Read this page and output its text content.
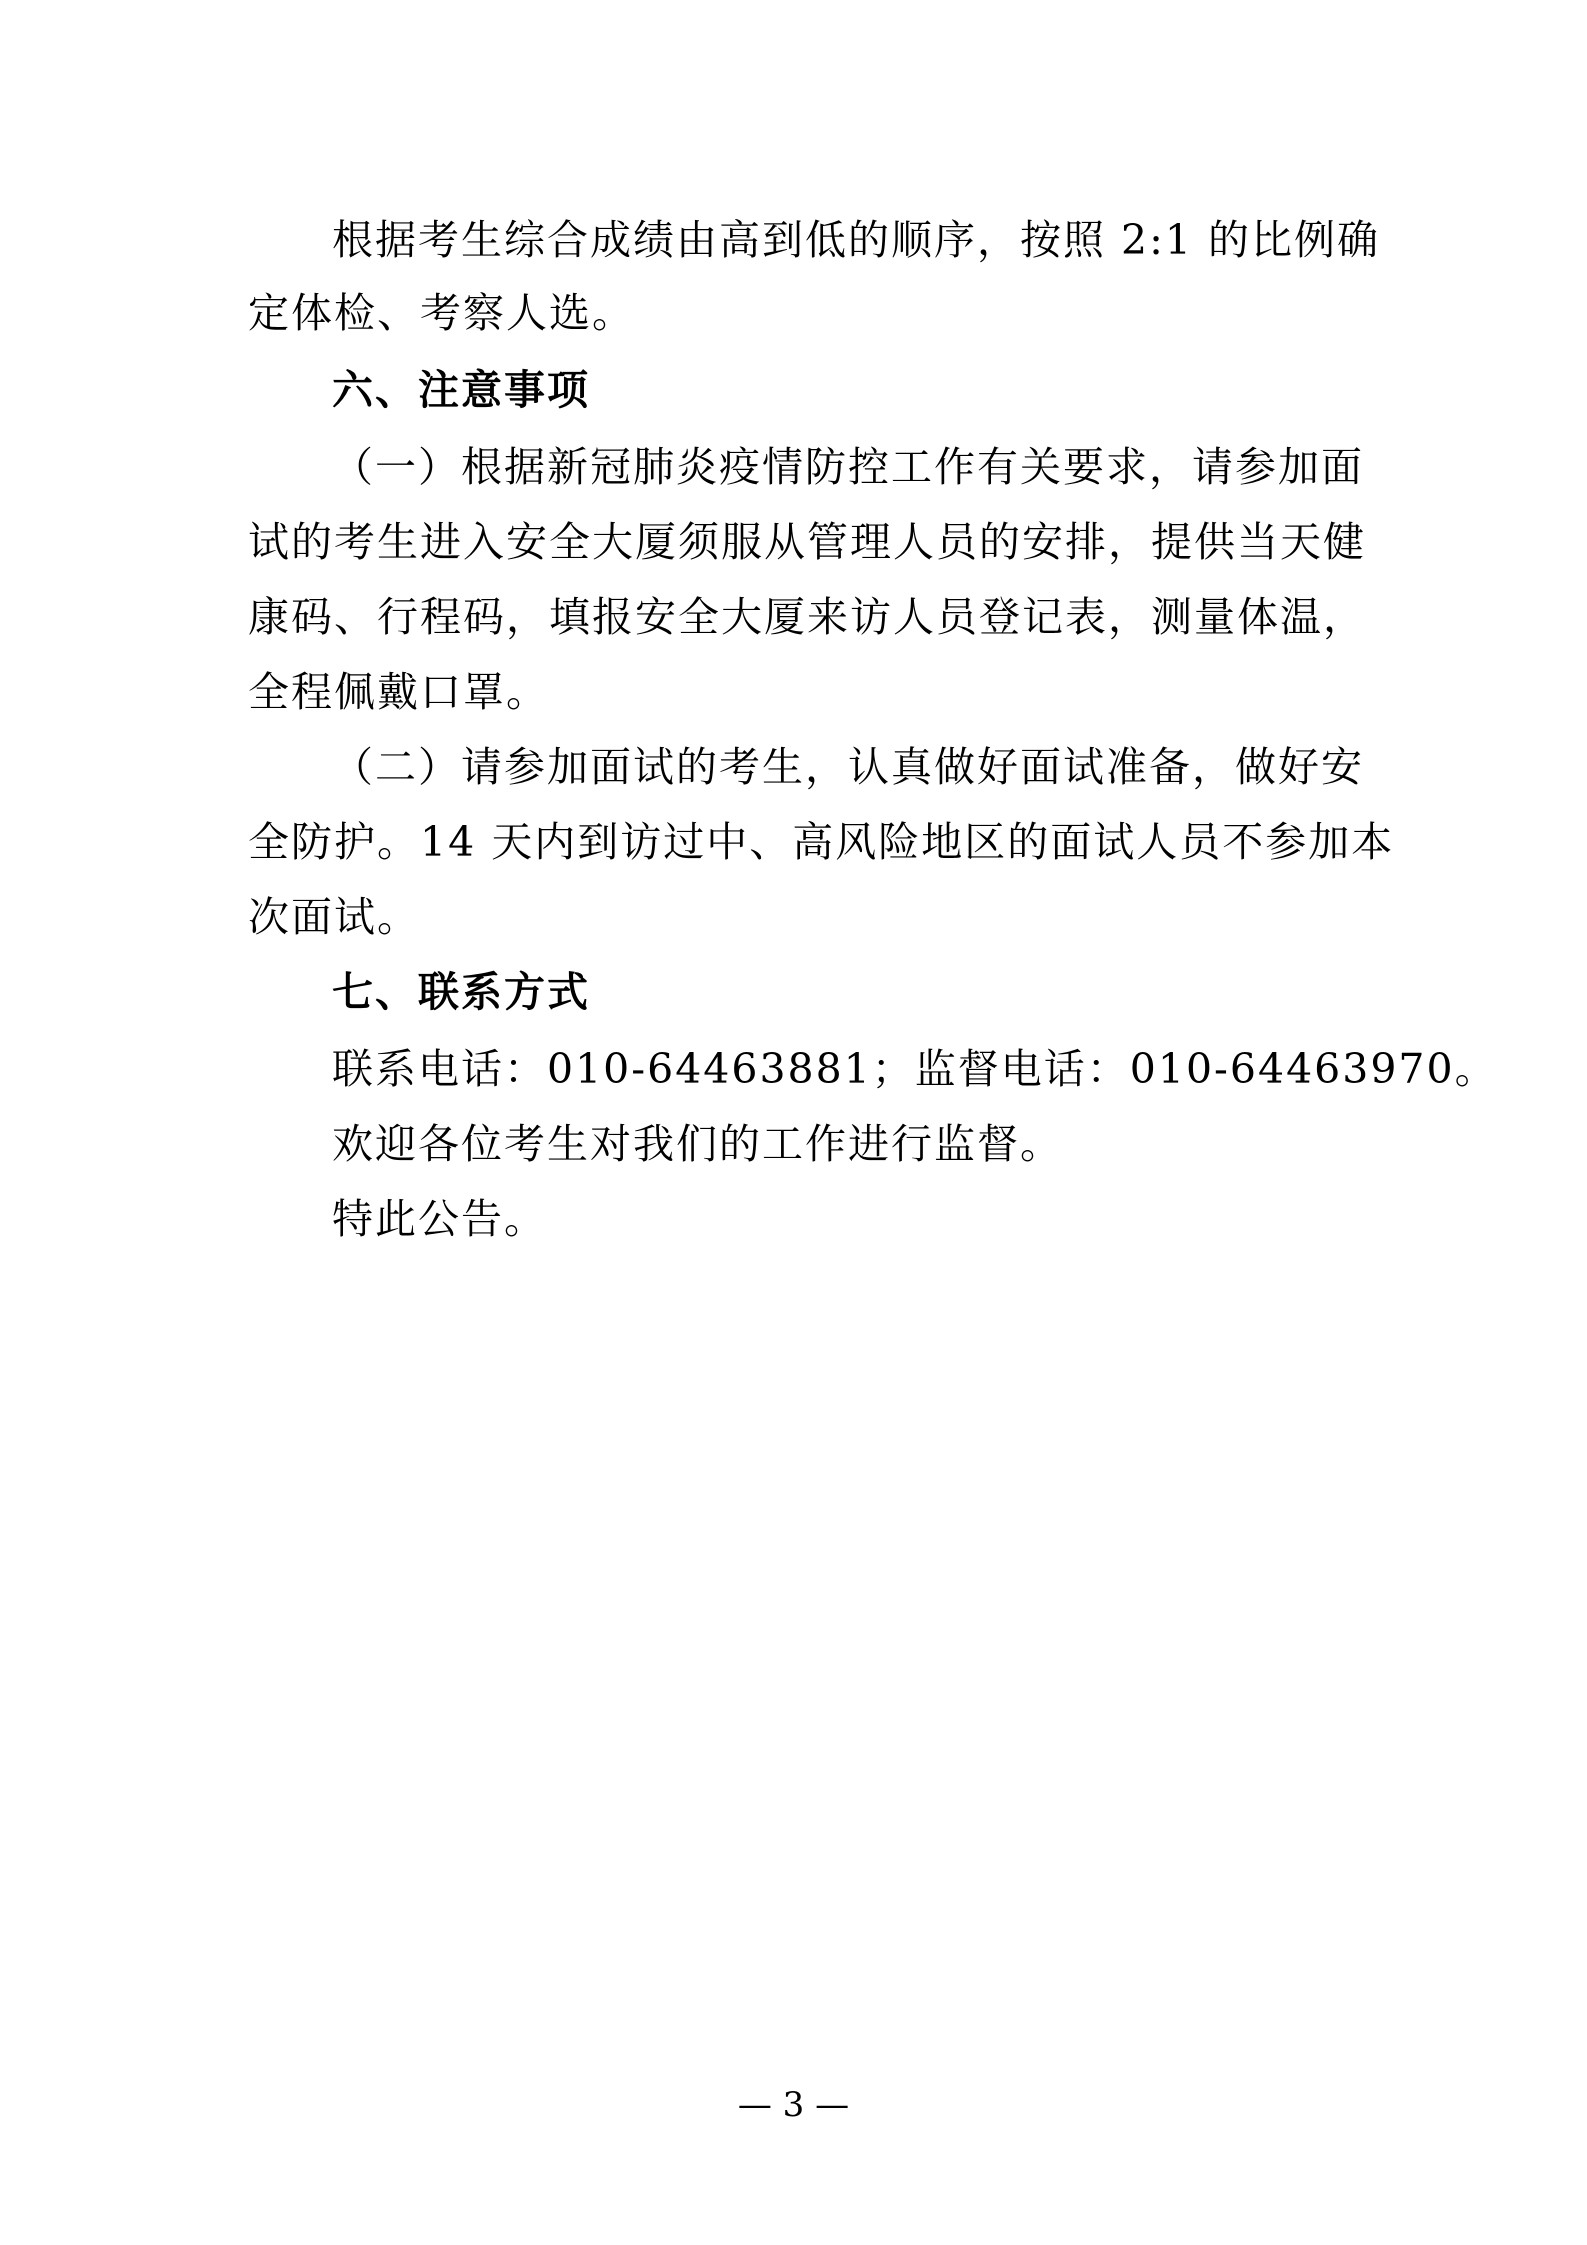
根据考生综合成绩由高到低的顺序，按照 2:1 的比例确
定体检、考察人选。
六、注意事项
（一）根据新冠肺炎疫情防控工作有关要求，请参加面
试的考生进入安全大厦须服从管理人员的安排，提供当天健
康码、行程码，填报安全大厦来访人员登记表，测量体温，
全程佩戴口罩。
（二）请参加面试的考生，认真做好面试准备，做好安
全防护。14 天内到访过中、高风险地区的面试人员不参加本
次面试。
七、联系方式
联系电话：010-64463881；监督电话：010-64463970。
欢迎各位考生对我们的工作进行监督。
特此公告。
— 3 —
